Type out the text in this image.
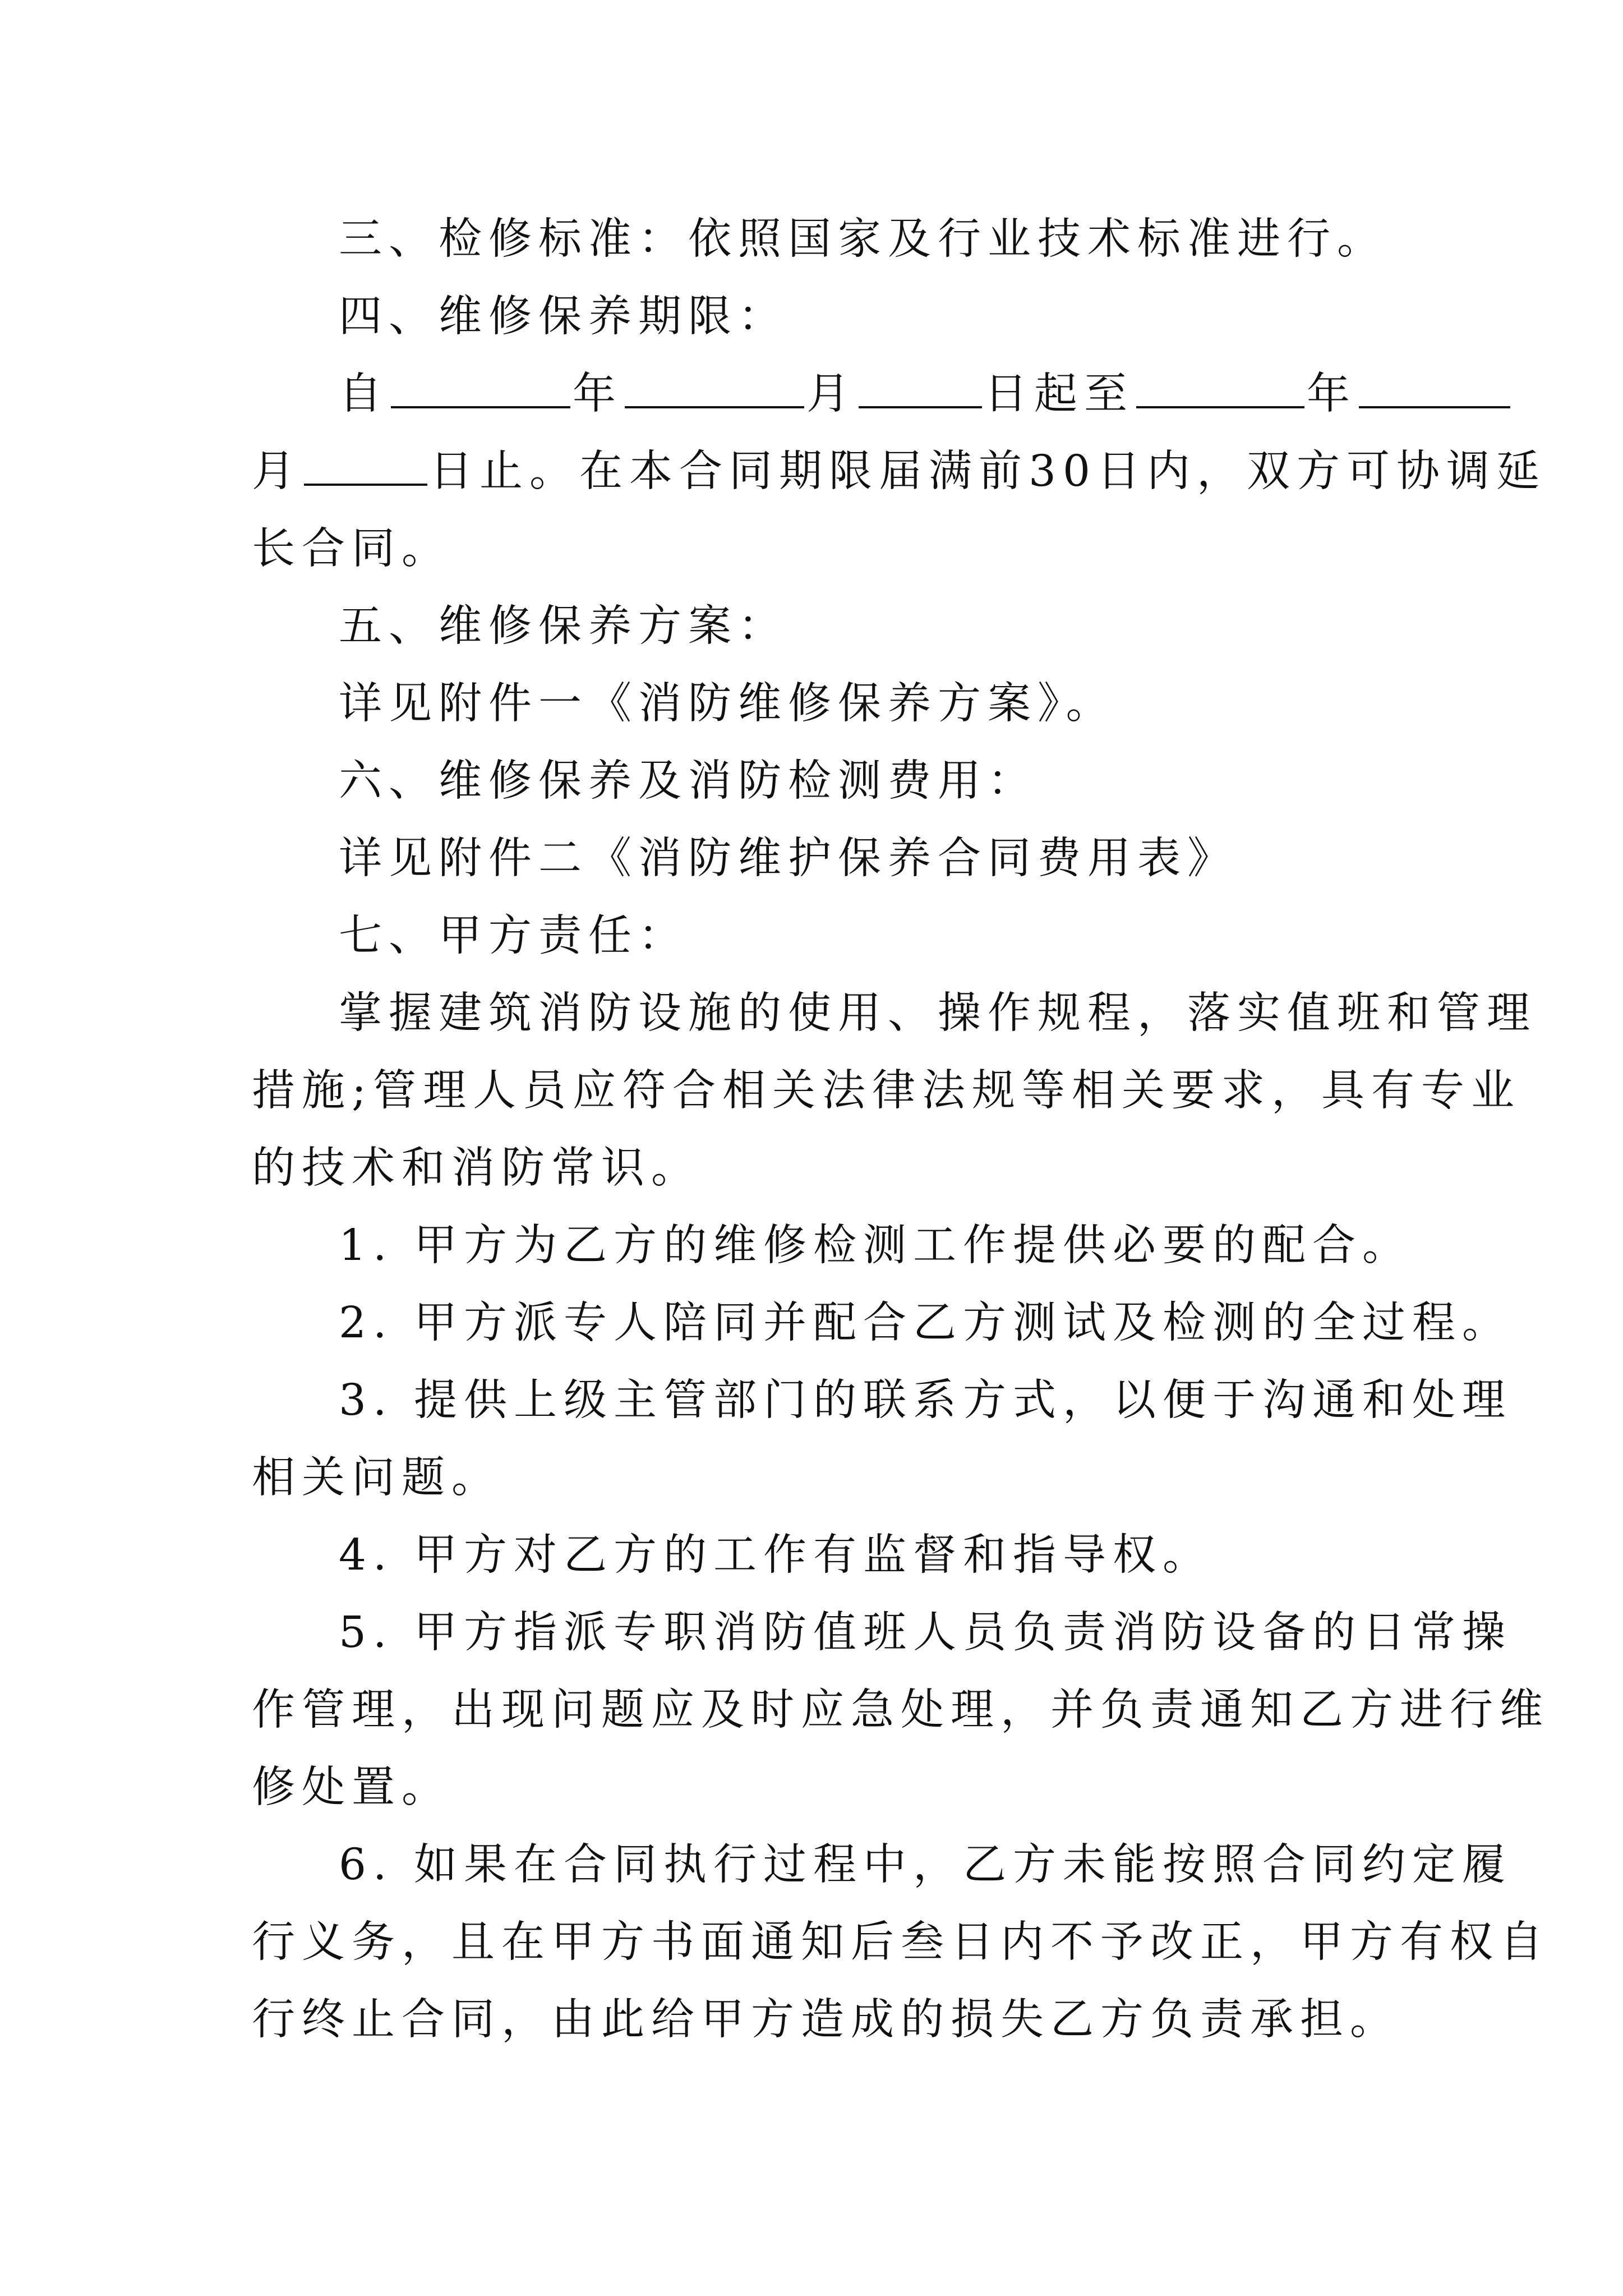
三、检修标准：依照国家及行业技术标准进行。

四、维修保养期限：

自	年	月	日起至	年

月	日止。在本合同期限届满前30日内，双方可协调延

长合同。

五、维修保养方案：

详见附件一《消防维修保养方案》。

六、维修保养及消防检测费用：

详见附件二《消防维护保养合同费用表》

七、甲方责任：

掌握建筑消防设施的使用、操作规程，落实值班和管理

措施;管理人员应符合相关法律法规等相关要求，具有专业

的技术和消防常识。

1. 甲方为乙方的维修检测工作提供必要的配合。

2. 甲方派专人陪同并配合乙方测试及检测的全过程。

3. 提供上级主管部门的联系方式，以便于沟通和处理

相关问题。

4. 甲方对乙方的工作有监督和指导权。

5. 甲方指派专职消防值班人员负责消防设备的日常操

作管理，出现问题应及时应急处理，并负责通知乙方进行维

修处置。

6. 如果在合同执行过程中，乙方未能按照合同约定履

行义务，且在甲方书面通知后叁日内不予改正，甲方有权自

行终止合同，由此给甲方造成的损失乙方负责承担。
